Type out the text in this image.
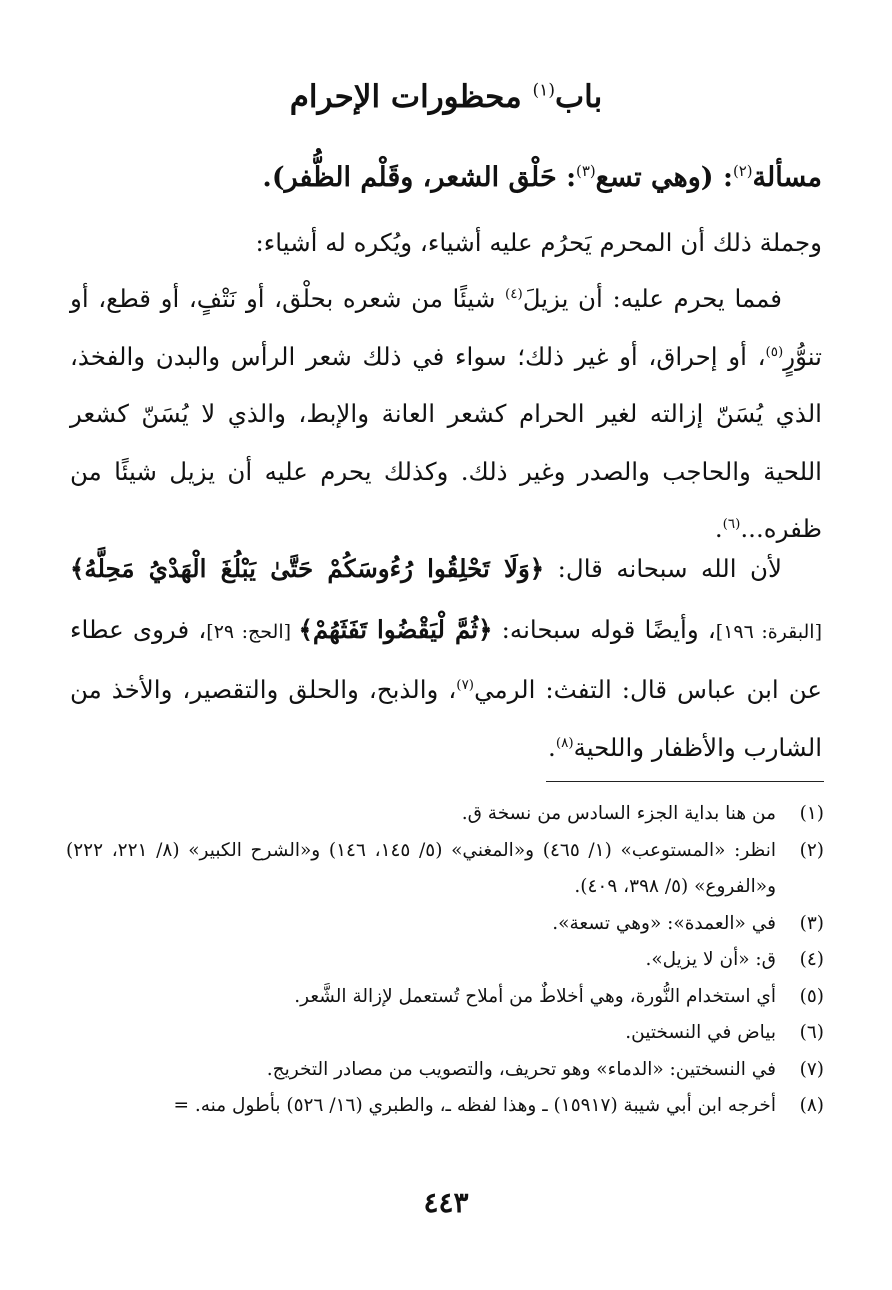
باب$^{(١)}$ محظورات الإحرام
مسألة$^{(٢)}$: (وهي تسع$^{(٣)}$: حَلْق الشعر، وقَلْم الظُّفر).
وجملة ذلك أن المحرم يَحرُم عليه أشياء، ويُكره له أشياء:
فمما يحرم عليه: أن يزيلَ$^{(٤)}$ شيئًا من شعره بحلْق، أو نَتْفٍ، أو قطع، أو تنوُّرٍ$^{(٥)}$، أو إحراق، أو غير ذلك؛ سواء في ذلك شعر الرأس والبدن والفخذ، الذي يُسَنّ إزالته لغير الحرام كشعر العانة والإبط، والذي لا يُسَنّ كشعر اللحية والحاجب والصدر وغير ذلك. وكذلك يحرم عليه أن يزيل شيئًا من ظفره...$^{(٦)}$.
لأن الله سبحانه قال: ﴿وَلَا تَحْلِقُوا رُءُوسَكُمْ حَتَّىٰ يَبْلُغَ الْهَدْيُ مَحِلَّهُ﴾ [البقرة: ١٩٦]، وأيضًا قوله سبحانه: ﴿ثُمَّ لْيَقْضُوا تَفَثَهُمْ﴾ [الحج: ٢٩]، فروى عطاء عن ابن عباس قال: التفث: الرمي$^{(٧)}$، والذبح، والحلق والتقصير، والأخذ من الشارب والأظفار واللحية$^{(٨)}$.
(١)
من هنا بداية الجزء السادس من نسخة ق.
(٢)
انظر: «المستوعب» (١/ ٤٦٥) و«المغني» (٥/ ١٤٥، ١٤٦) و«الشرح الكبير» (٨/ ٢٢١، ٢٢٢) و«الفروع» (٥/ ٣٩٨، ٤٠٩).
(٣)
في «العمدة»: «وهي تسعة».
(٤)
ق: «أن لا يزيل».
(٥)
أي استخدام النُّورة، وهي أخلاطٌ من أملاح تُستعمل لإزالة الشَّعر.
(٦)
بياض في النسختين.
(٧)
في النسختين: «الدماء» وهو تحريف، والتصويب من مصادر التخريج.
(٨)
أخرجه ابن أبي شيبة (١٥٩١٧) ـ وهذا لفظه ـ، والطبري (١٦/ ٥٢٦) بأطول منه. =
٤٤٣
